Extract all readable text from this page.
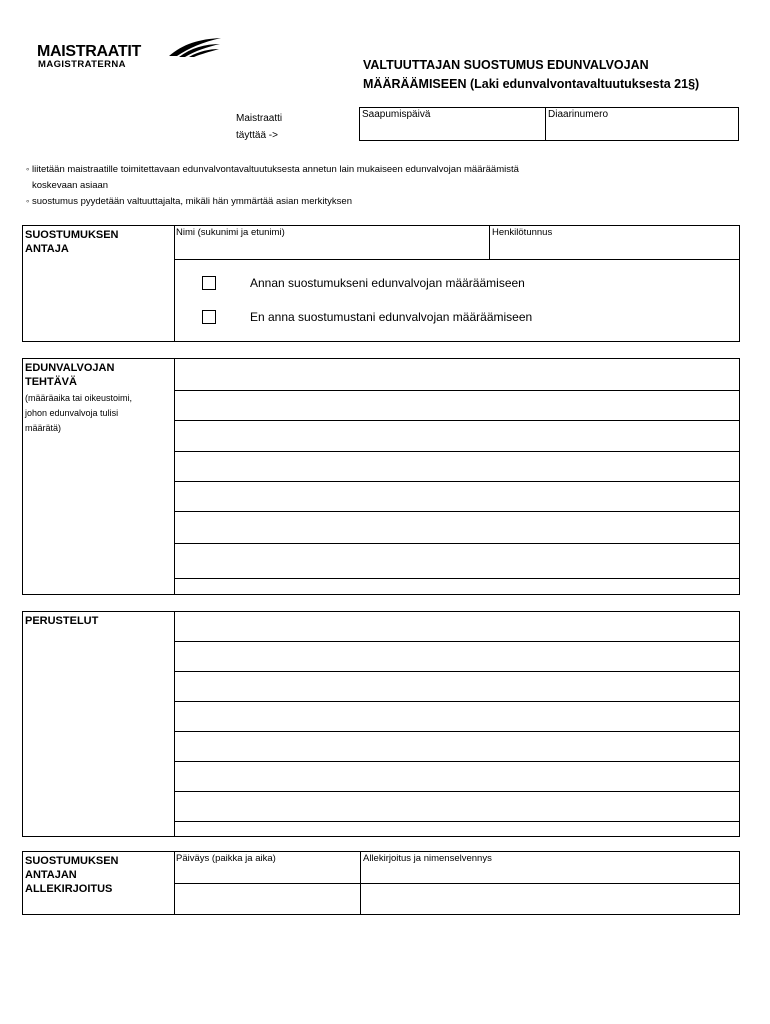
MAISTRAATIT
MAGISTRATERNA	VALTUUTTAJAN SUOSTUMUS EDUNVALVOJAN
MÄÄRÄÄMISEEN (Laki edunvalvontavaltuutuksesta 21§)
Maistraatti
täyttää ->
Saapumispäivä	Diaarinumero
◦ liitetään maistraatille toimitettavaan edunvalvontavaltuutuksesta annetun lain mukaiseen edunvalvojan määräämistä
koskevaan asiaan
◦ suostumus pyydetään valtuuttajalta, mikäli hän ymmärtää asian merkityksen
SUOSTUMUKSEN
ANTAJA
Nimi (sukunimi ja etunimi)	Henkilötunnus
Annan suostumukseni edunvalvojan määräämiseen
En anna suostumustani edunvalvojan määräämiseen
EDUNVALVOJAN
TEHTÄVÄ
(määräaika tai oikeustoimi,
johon edunvalvoja tulisi
määrätä)
PERUSTELUT
SUOSTUMUKSEN
ANTAJAN
ALLEKIRJOITUS
Päiväys (paikka ja aika)	Allekirjoitus ja nimenselvennys
